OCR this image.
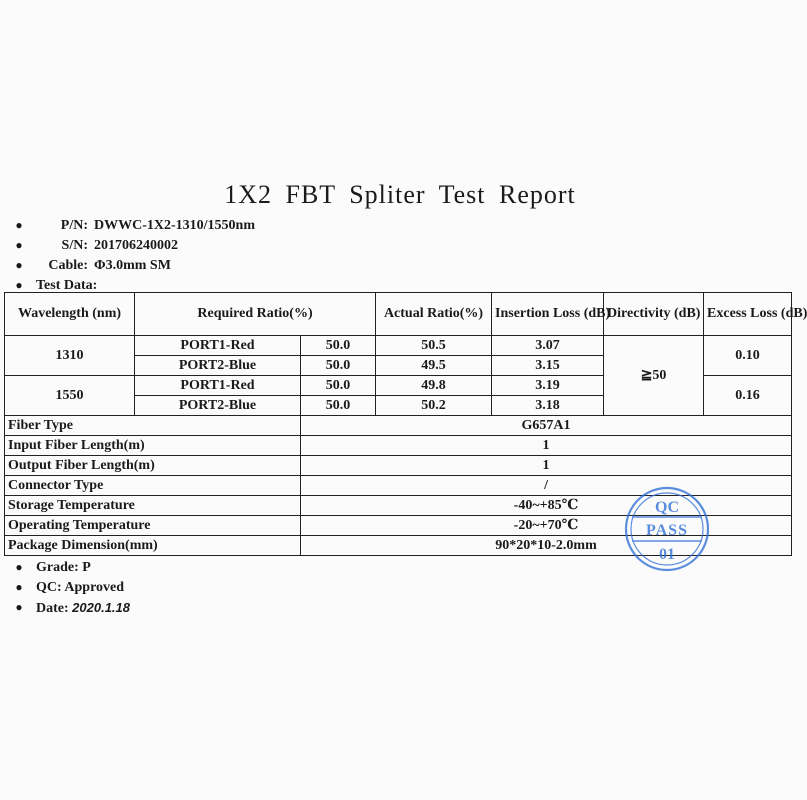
1X2 FBT Spliter Test Report
●	P/N: DWWC-1X2-1310/1550nm
●	S/N: 201706240002
●	Cable: Φ3.0mm SM
● Test Data:
Wavelength (nm)	Required Ratio(%)		Actual Ratio(%)	Insertion Loss (dB)	Directivity (dB)	Excess Loss (dB)
1310	PORT1-Red	50.0	50.5	3.07	≧50	0.10
	PORT2-Blue	50.0	49.5	3.15		
1550	PORT1-Red	50.0	49.8	3.19		0.16
	PORT2-Blue	50.0	50.2	3.18		
Fiber Type		G657A1				
Input Fiber Length(m)		1				
Output Fiber Length(m)		1				
Connector Type		/				
Storage Temperature		-40~+85℃				
Operating Temperature		-20~+70℃				
Package Dimension(mm)		90*20*10-2.0mm				
● Grade: P
● QC: Approved
● Date: 2020.1.18
QC
PASS
01
